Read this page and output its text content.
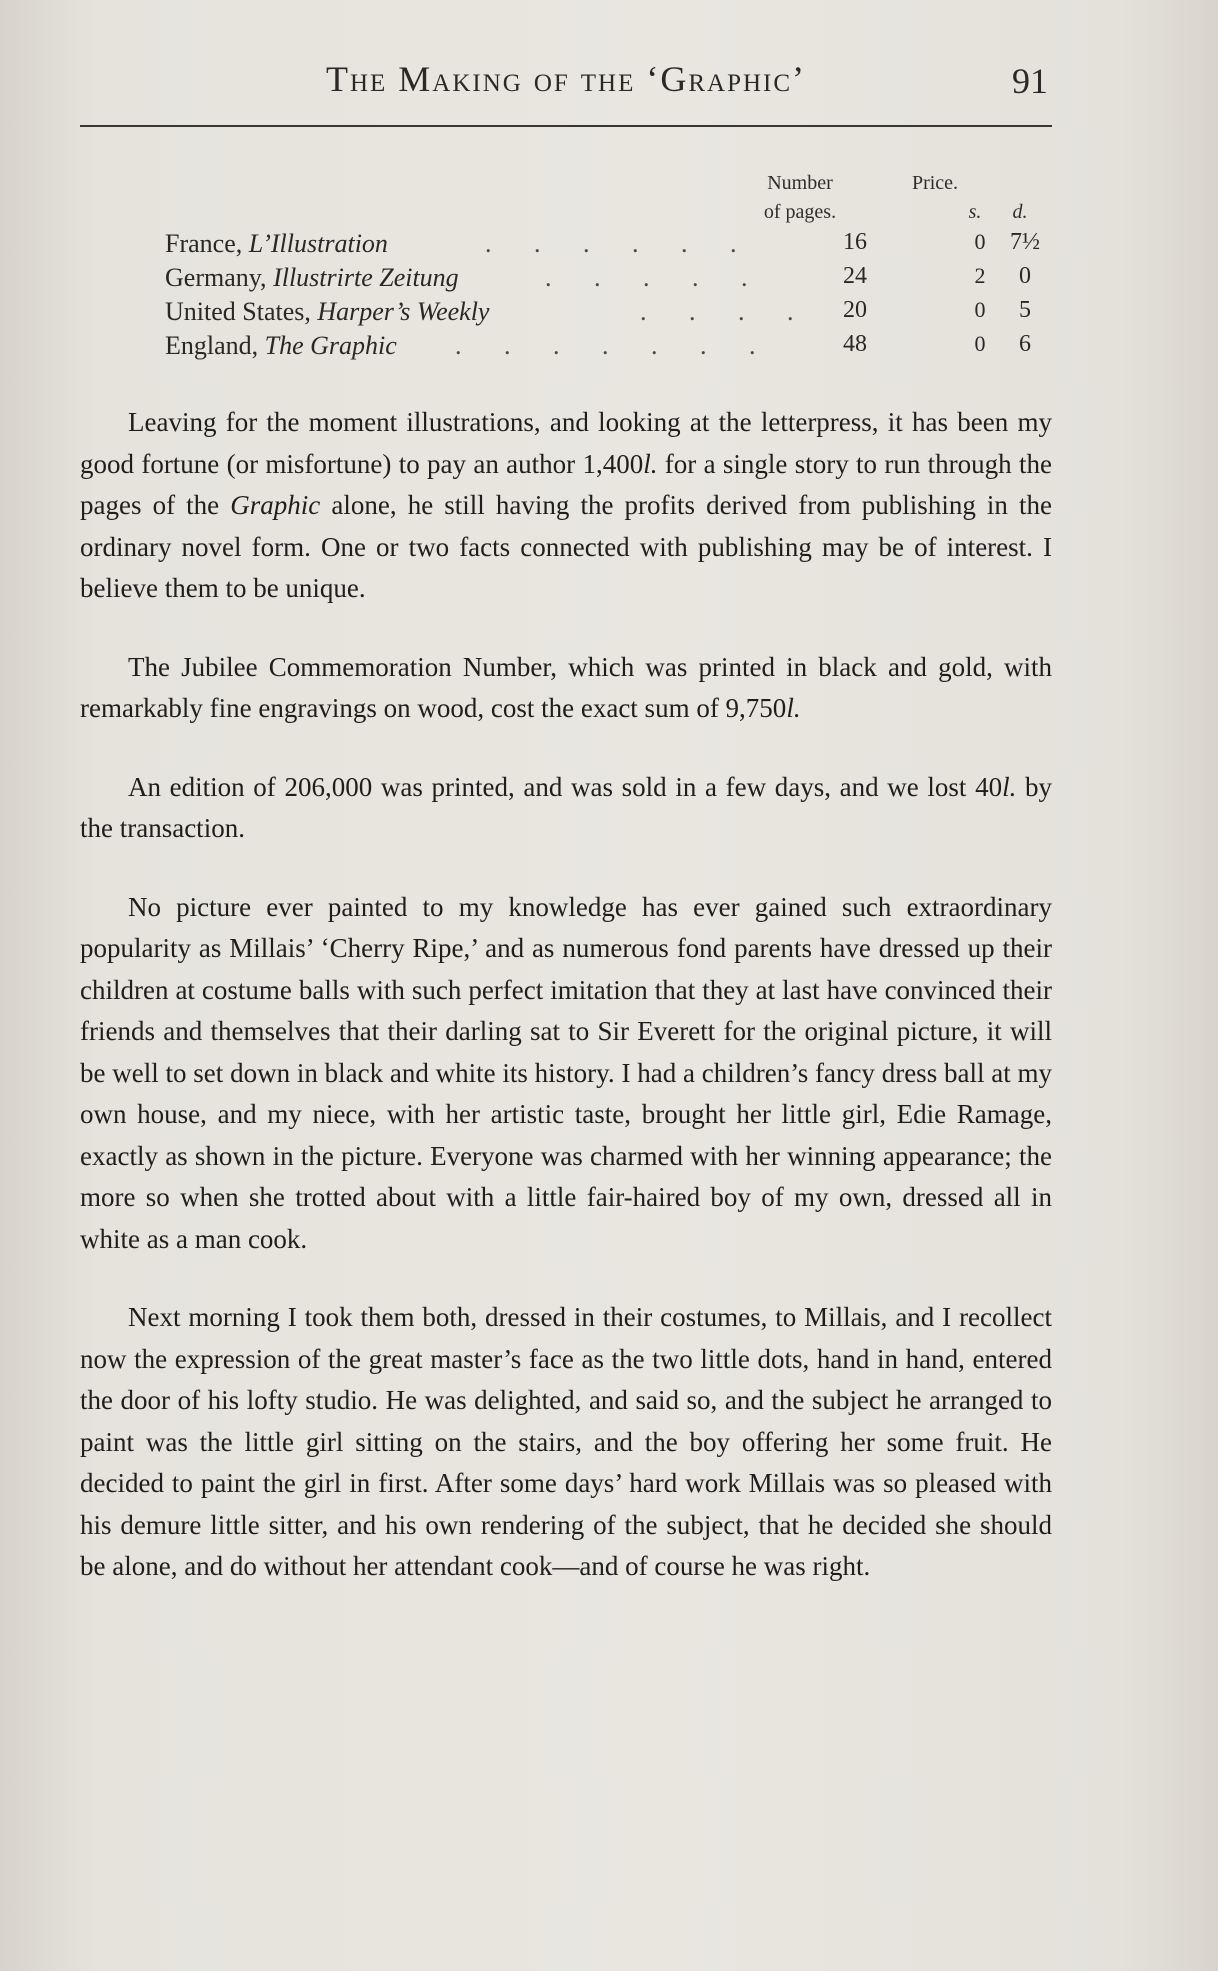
The Making of the ‘Graphic’	91
Number
of pages.
Price.
s.	d.
France, L’Illustration	. . . . . .	16	0	7½
Germany, Illustrirte Zeitung	. . . . .	24	2	0
United States, Harper’s Weekly	. . . .	20	0	5
England, The Graphic . . . . . . .	48	0	6

Leaving for the moment illustrations, and looking at the letterpress, it has been my good fortune (or misfortune) to pay an author 1,400l. for a single story to run through the pages of the Graphic alone, he still having the profits derived from publishing in the ordinary novel form. One or two facts connected with publishing may be of interest. I believe them to be unique.

The Jubilee Commemoration Number, which was printed in black and gold, with remarkably fine engravings on wood, cost the exact sum of 9,750l.

An edition of 206,000 was printed, and was sold in a few days, and we lost 40l. by the transaction.

No picture ever painted to my knowledge has ever gained such extraordinary popularity as Millais’ ‘Cherry Ripe,’ and as numerous fond parents have dressed up their children at costume balls with such perfect imitation that they at last have convinced their friends and themselves that their darling sat to Sir Everett for the original picture, it will be well to set down in black and white its history. I had a children’s fancy dress ball at my own house, and my niece, with her artistic taste, brought her little girl, Edie Ramage, exactly as shown in the picture. Everyone was charmed with her winning appearance; the more so when she trotted about with a little fair-haired boy of my own, dressed all in white as a man cook.

Next morning I took them both, dressed in their costumes, to Millais, and I recollect now the expression of the great master’s face as the two little dots, hand in hand, entered the door of his lofty studio. He was delighted, and said so, and the subject he arranged to paint was the little girl sitting on the stairs, and the boy offering her some fruit. He decided to paint the girl in first. After some days’ hard work Millais was so pleased with his demure little sitter, and his own rendering of the subject, that he decided she should be alone, and do without her attendant cook—and of course he was right.
